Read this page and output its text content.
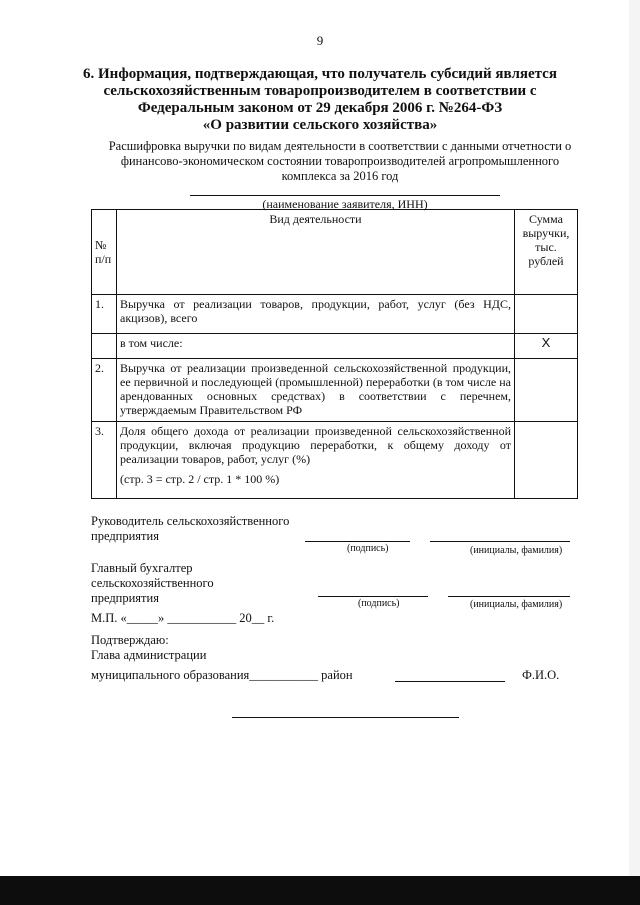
9
6. Информация, подтверждающая, что получатель субсидий является
сельскохозяйственным товаропроизводителем в соответствии с
Федеральным законом от 29 декабря 2006 г. №264-ФЗ
«О развитии сельского хозяйства»
Расшифровка выручки по видам деятельности в соответствии с данными отчетности о
финансово-экономическом состоянии товаропроизводителей агропромышленного
комплекса за 2016 год
(наименование заявителя, ИНН)
№ п/п	Вид деятельности	Сумма выручки, тыс. рублей
1.	Выручка от реализации товаров, продукции, работ, услуг (без НДС, акцизов), всего	
	в том числе:	X
2.	Выручка от реализации произведенной сельскохозяйственной продукции, ее первичной и последующей (промышленной) переработки (в том числе на арендованных основных средствах) в соответствии с перечнем, утверждаемым Правительством РФ	
3.	Доля общего дохода от реализации произведенной сельскохозяйственной продукции, включая продукцию переработки, к общему доходу от реализации товаров, работ, услуг (%)
(стр. 3 = стр. 2 / стр. 1 * 100 %)	

Руководитель сельскохозяйственного предприятия
(подпись)	(инициалы, фамилия)
Главный бухгалтер сельскохозяйственного предприятия	(подпись)	(инициалы, фамилия)
М.П. «_____» ___________ 20__ г.
Подтверждаю:
Глава администрации
муниципального образования___________ район	Ф.И.О.
